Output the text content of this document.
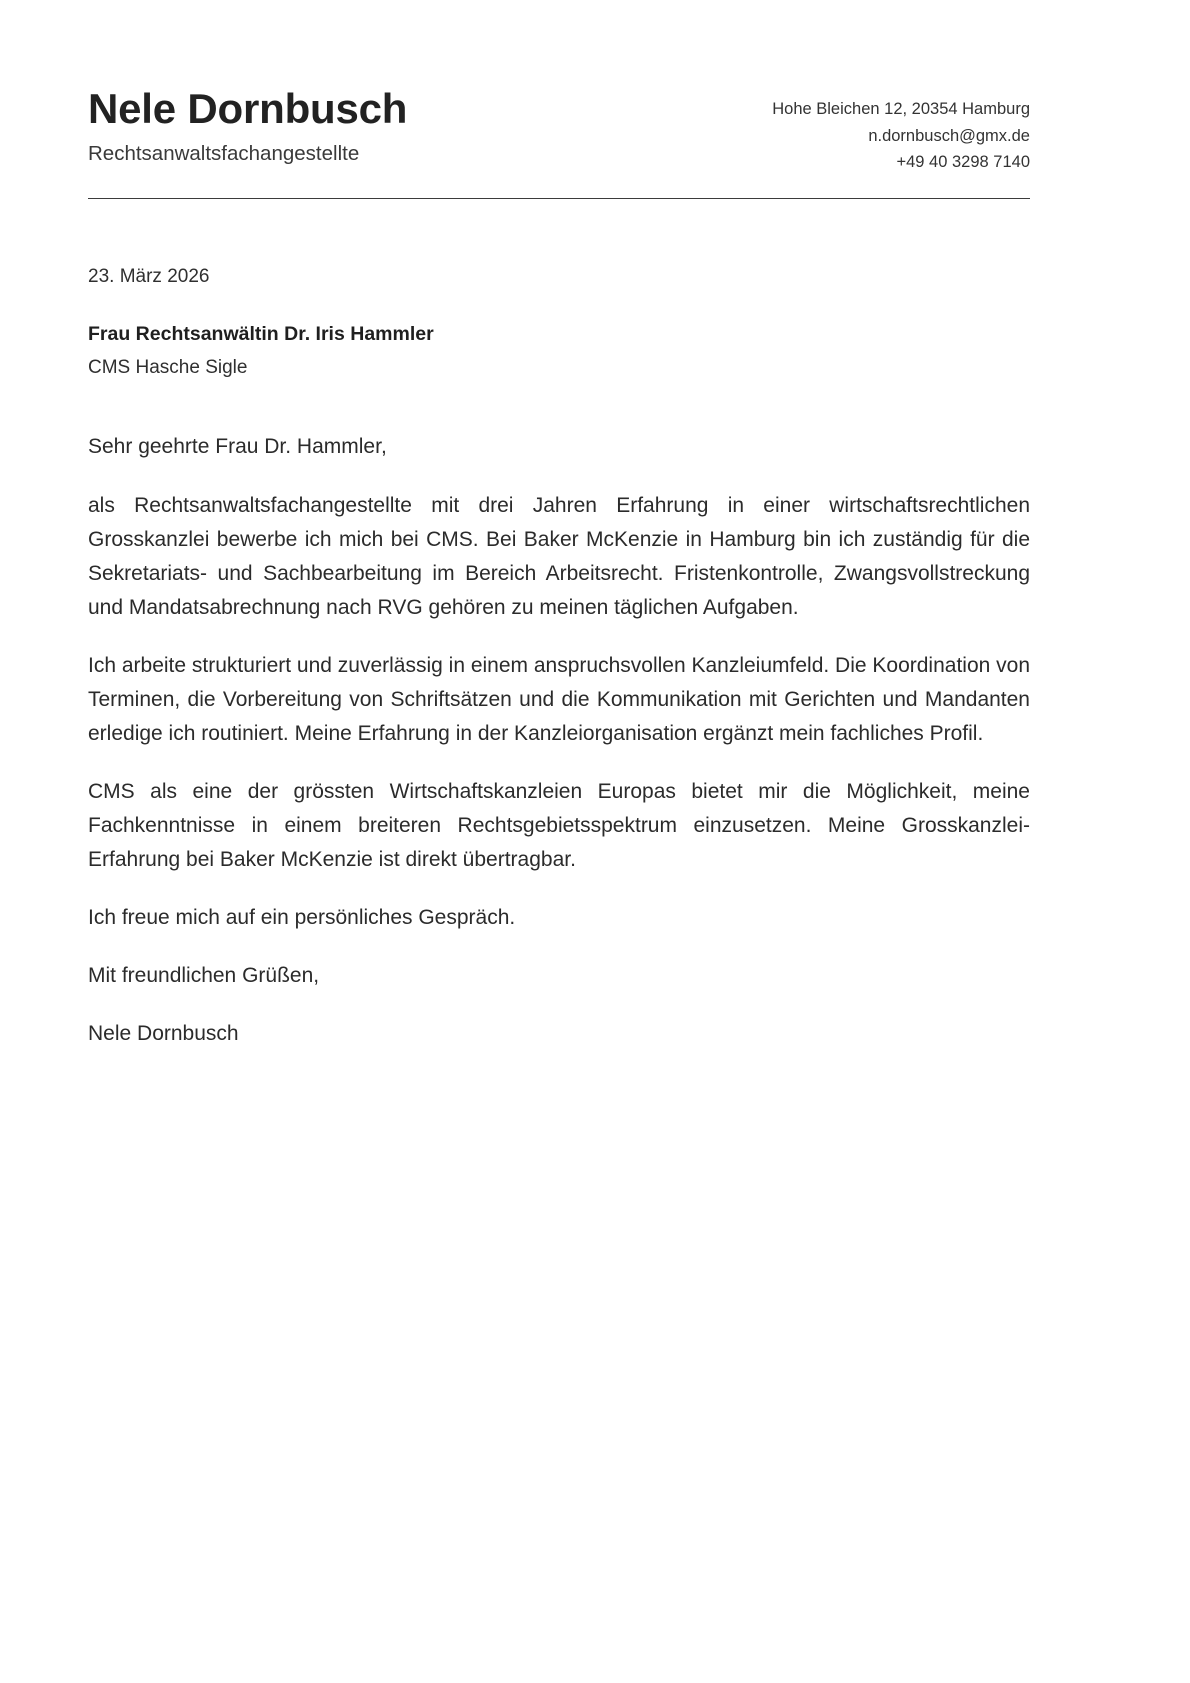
Nele Dornbusch

Rechtsanwaltsfachangestellte

Hohe Bleichen 12, 20354 Hamburg
n.dornbusch@gmx.de
+49 40 3298 7140

23. März 2026

Frau Rechtsanwältin Dr. Iris Hammler

CMS Hasche Sigle

Sehr geehrte Frau Dr. Hammler,

als Rechtsanwaltsfachangestellte mit drei Jahren Erfahrung in einer wirtschaftsrechtlichen Grosskanzlei bewerbe ich mich bei CMS. Bei Baker McKenzie in Hamburg bin ich zuständig für die Sekretariats- und Sachbearbeitung im Bereich Arbeitsrecht. Fristenkontrolle, Zwangsvollstreckung und Mandatsabrechnung nach RVG gehören zu meinen täglichen Aufgaben.

Ich arbeite strukturiert und zuverlässig in einem anspruchsvollen Kanzleiumfeld. Die Koordination von Terminen, die Vorbereitung von Schriftsätzen und die Kommunikation mit Gerichten und Mandanten erledige ich routiniert. Meine Erfahrung in der Kanzleiorganisation ergänzt mein fachliches Profil.

CMS als eine der grössten Wirtschaftskanzleien Europas bietet mir die Möglichkeit, meine Fachkenntnisse in einem breiteren Rechtsgebietsspektrum einzusetzen. Meine Grosskanzlei-Erfahrung bei Baker McKenzie ist direkt übertragbar.

Ich freue mich auf ein persönliches Gespräch.

Mit freundlichen Grüßen,

Nele Dornbusch
